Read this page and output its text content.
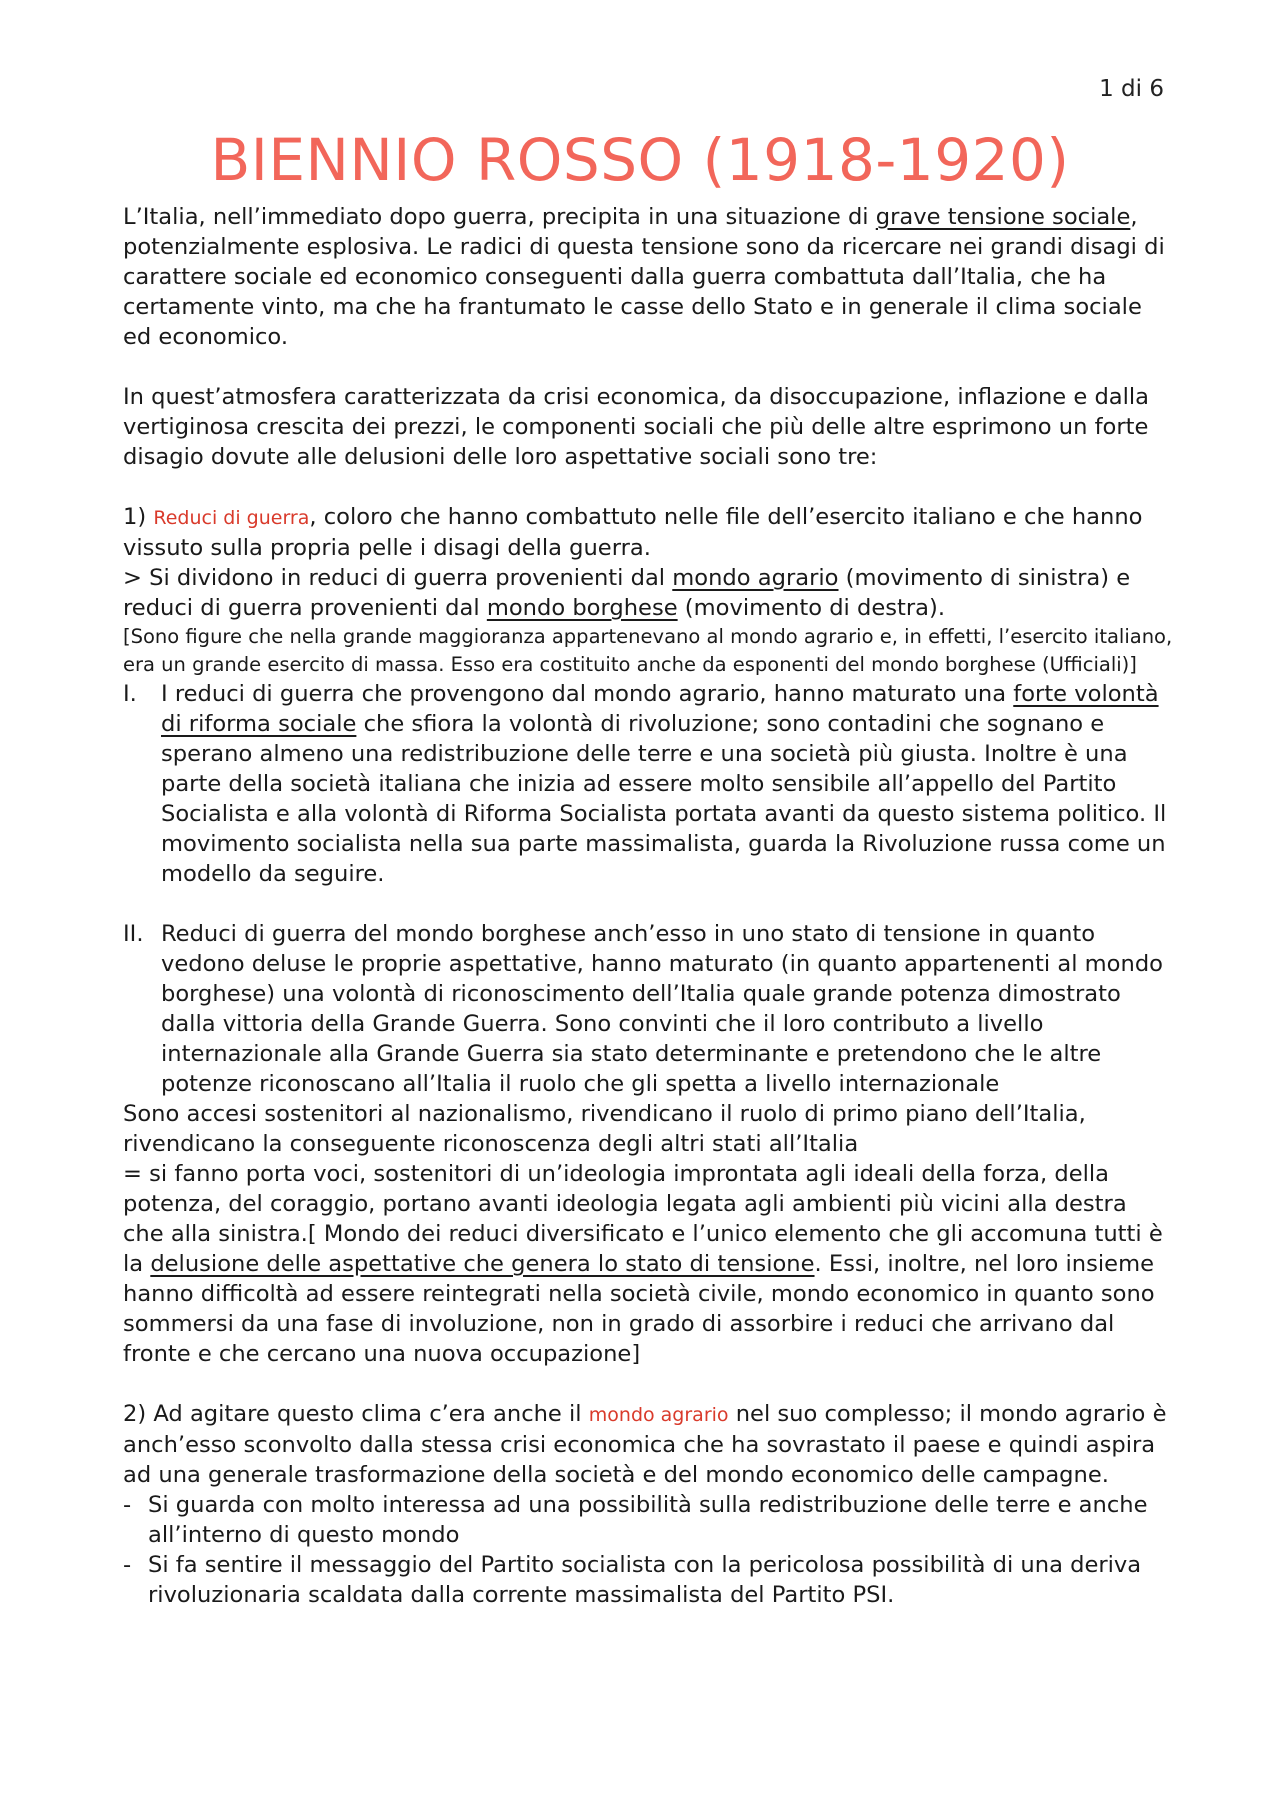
1 di 6
BIENNIO ROSSO (1918-1920)

L’Italia, nell’immediato dopo guerra, precipita in una situazione di grave tensione sociale, potenzialmente esplosiva. Le radici di questa tensione sono da ricercare nei grandi disagi di carattere sociale ed economico conseguenti dalla guerra combattuta dall’Italia, che ha certamente vinto, ma che ha frantumato le casse dello Stato e in generale il clima sociale ed economico.

In quest’atmosfera caratterizzata da crisi economica, da disoccupazione, inflazione e dalla vertiginosa crescita dei prezzi, le componenti sociali che più delle altre esprimono un forte disagio dovute alle delusioni delle loro aspettative sociali sono tre:

1) Reduci di guerra, coloro che hanno combattuto nelle file dell’esercito italiano e che hanno vissuto sulla propria pelle i disagi della guerra.

> Si dividono in reduci di guerra provenienti dal mondo agrario (movimento di sinistra) e reduci di guerra provenienti dal mondo borghese (movimento di destra).

[Sono figure che nella grande maggioranza appartenevano al mondo agrario e, in effetti, l’esercito italiano, era un grande esercito di massa. Esso era costituito anche da esponenti del mondo borghese (Ufficiali)]

I.	I reduci di guerra che provengono dal mondo agrario, hanno maturato una forte volontà di riforma sociale che sfiora la volontà di rivoluzione; sono contadini che sognano e sperano almeno una redistribuzione delle terre e una società più giusta. Inoltre è una parte della società italiana che inizia ad essere molto sensibile all’appello del Partito Socialista e alla volontà di Riforma Socialista portata avanti da questo sistema politico. Il movimento socialista nella sua parte massimalista, guarda la Rivoluzione russa come un modello da seguire.
II. Reduci di guerra del mondo borghese anch’esso in uno stato di tensione in quanto vedono deluse le proprie aspettative, hanno maturato (in quanto appartenenti al mondo borghese) una volontà di riconoscimento dell’Italia quale grande potenza dimostrato dalla vittoria della Grande Guerra. Sono convinti che il loro contributo a livello internazionale alla Grande Guerra sia stato determinante e pretendono che le altre potenze riconoscano all’Italia il ruolo che gli spetta a livello internazionale

Sono accesi sostenitori al nazionalismo, rivendicano il ruolo di primo piano dell’Italia, rivendicano la conseguente riconoscenza degli altri stati all’Italia

= si fanno porta voci, sostenitori di un’ideologia improntata agli ideali della forza, della potenza, del coraggio, portano avanti ideologia legata agli ambienti più vicini alla destra che alla sinistra.[ Mondo dei reduci diversificato e l’unico elemento che gli accomuna tutti è la delusione delle aspettative che genera lo stato di tensione. Essi, inoltre, nel loro insieme hanno difficoltà ad essere reintegrati nella società civile, mondo economico in quanto sono sommersi da una fase di involuzione, non in grado di assorbire i reduci che arrivano dal fronte e che cercano una nuova occupazione]

2) Ad agitare questo clima c’era anche il mondo agrario nel suo complesso; il mondo agrario è anch’esso sconvolto dalla stessa crisi economica che ha sovrastato il paese e quindi aspira ad una generale trasformazione della società e del mondo economico delle campagne.

- Si guarda con molto interessa ad una possibilità sulla redistribuzione delle terre e anche all’interno di questo mondo
- Si fa sentire il messaggio del Partito socialista con la pericolosa possibilità di una deriva rivoluzionaria scaldata dalla corrente massimalista del Partito PSI.
